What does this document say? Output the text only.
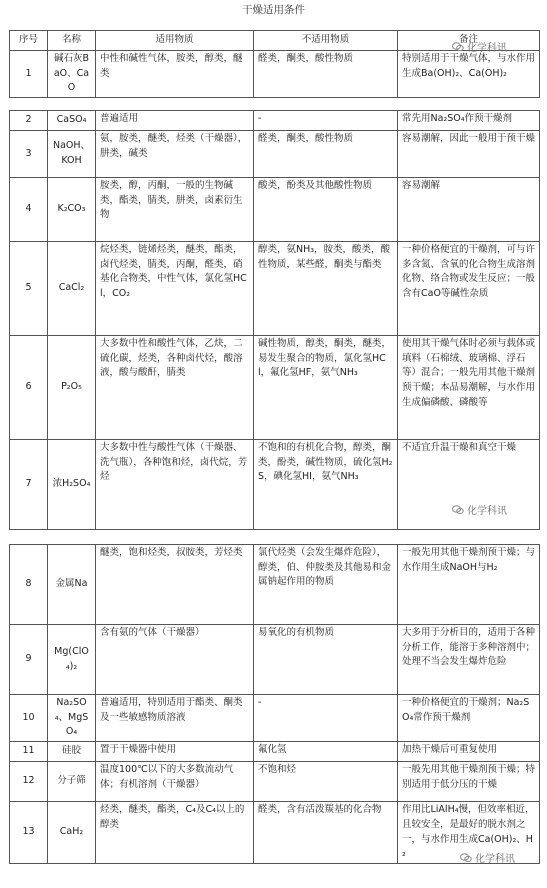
干燥适用条件
序号	名称	适用物质	不适用物质	备注
1	碱石灰BaO、CaO	中性和碱性气体，胺类，醇类，醚类	醛类，酮类，酸性物质	特别适用于干燥气体，与水作用生成Ba(OH)₂、Ca(OH)₂
2	CaSO₄	普遍适用	-	常先用Na₂SO₄作预干燥剂
3	NaOH、KOH	氨，胺类，醚类，烃类（干燥器），肼类，碱类	醛类，酮类，酸性物质	容易潮解，因此一般用于预干燥
4	K₂CO₃	胺类，醇，丙酮，一般的生物碱类，酯类，腈类，肼类，卤素衍生物	酸类，酚类及其他酸性物质	容易潮解
5	CaCl₂	烷烃类，链烯烃类，醚类，酯类，卤代烃类，腈类，丙酮，醛类，硝基化合物类，中性气体，氯化氢HCl，CO₂	醇类，氨NH₃，胺类，酸类，酸性物质，某些醛，酮类与酯类	一种价格便宜的干燥剂，可与许多含氮、含氧的化合物生成溶剂化物、络合物或发生反应；一般含有CaO等碱性杂质
6	P₂O₅	大多数中性和酸性气体，乙炔，二硫化碳，烃类，各种卤代烃，酸溶液，酸与酸酐，腈类	碱性物质，醇类，酮类，醚类，易发生聚合的物质，氯化氢HCl，氟化氢HF，氨气NH₃	使用其干燥气体时必须与载体或填料（石棉绒、玻璃棉、浮石等）混合；一般先用其他干燥剂预干燥；本品易潮解，与水作用生成偏磷酸、磷酸等
7	浓H₂SO₄	大多数中性与酸性气体（干燥器、洗气瓶），各种饱和烃，卤代烷，芳烃	不饱和的有机化合物，醇类，酮类，酚类，碱性物质，硫化氢H₂S，碘化氢HI，氨气NH₃	不适宜升温干燥和真空干燥
8	金属Na	醚类，饱和烃类，叔胺类，芳烃类	氯代烃类（会发生爆炸危险），醇类，伯、仲胺类及其他易和金属钠起作用的物质	一般先用其他干燥剂预干燥；与水作用生成NaOH与H₂
9	Mg(ClO₄)₂	含有氨的气体（干燥器）	易氧化的有机物质	大多用于分析目的，适用于各种分析工作，能溶于多种溶剂中；处理不当会发生爆炸危险
10	Na₂SO₄、MgSO₄	普遍适用，特别适用于酯类、酮类及一些敏感物质溶液	-	一种价格便宜的干燥剂；Na₂SO₄常作预干燥剂
11	硅胶	置于干燥器中使用	氟化氢	加热干燥后可重复使用
12	分子筛	温度100℃以下的大多数流动气体；有机溶剂（干燥器）	不饱和烃	一般先用其他干燥剂预干燥；特别适用于低分压的干燥
13	CaH₂	烃类，醚类，酯类，C₄及C₄以上的醇类	醛类，含有活泼羰基的化合物	作用比LiAlH₄慢，但效率相近，且较安全，是最好的脱水剂之一，与水作用生成Ca(OH)₂、H₂
化学科讯
化学科讯
化学科讯
